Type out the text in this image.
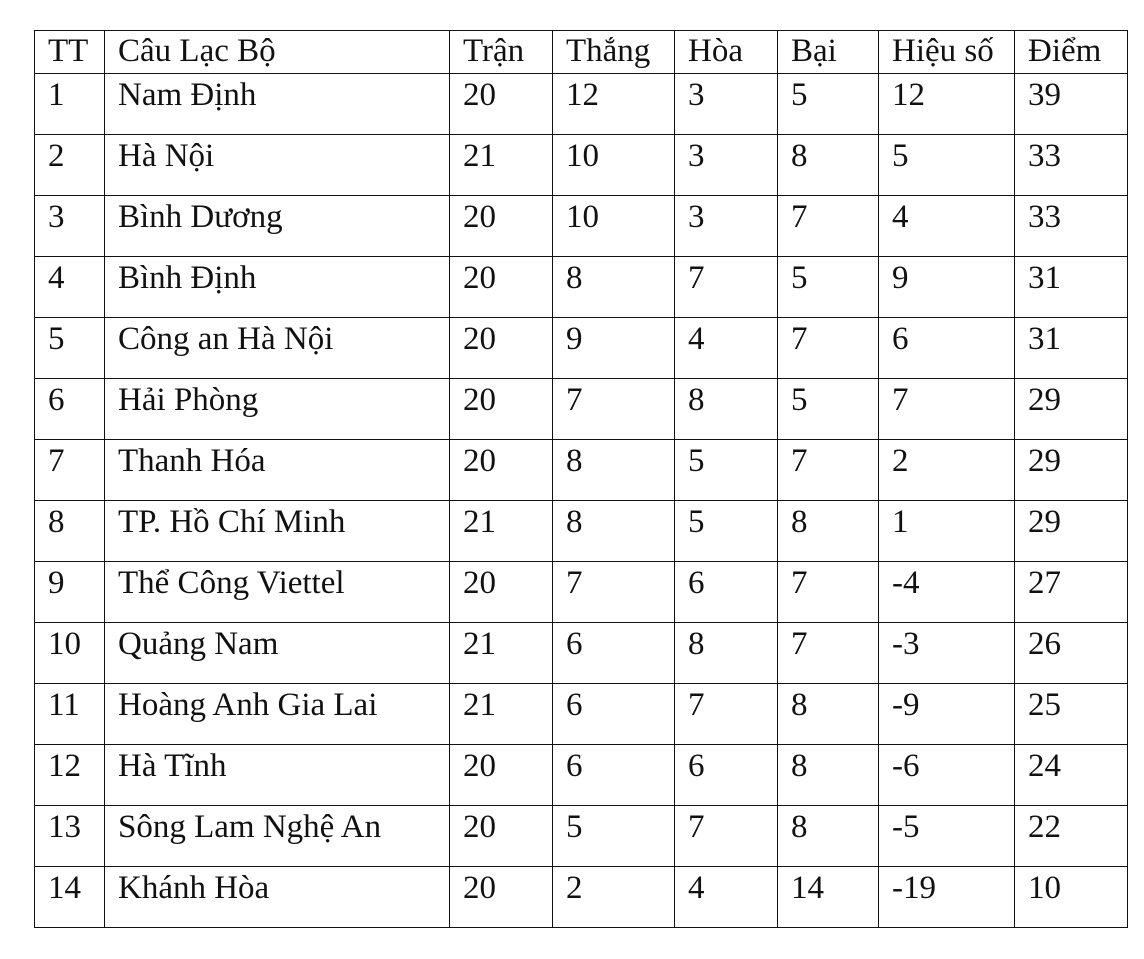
TT	Câu Lạc Bộ	Trận	Thắng	Hòa	Bại	Hiệu số	Điểm
1	Nam Định	20	12	3	5	12	39
2	Hà Nội	21	10	3	8	5	33
3	Bình Dương	20	10	3	7	4	33
4	Bình Định	20	8	7	5	9	31
5	Công an Hà Nội	20	9	4	7	6	31
6	Hải Phòng	20	7	8	5	7	29
7	Thanh Hóa	20	8	5	7	2	29
8	TP. Hồ Chí Minh	21	8	5	8	1	29
9	Thể Công Viettel	20	7	6	7	-4	27
10	Quảng Nam	21	6	8	7	-3	26
11	Hoàng Anh Gia Lai	21	6	7	8	-9	25
12	Hà Tĩnh	20	6	6	8	-6	24
13	Sông Lam Nghệ An	20	5	7	8	-5	22
14	Khánh Hòa	20	2	4	14	-19	10
